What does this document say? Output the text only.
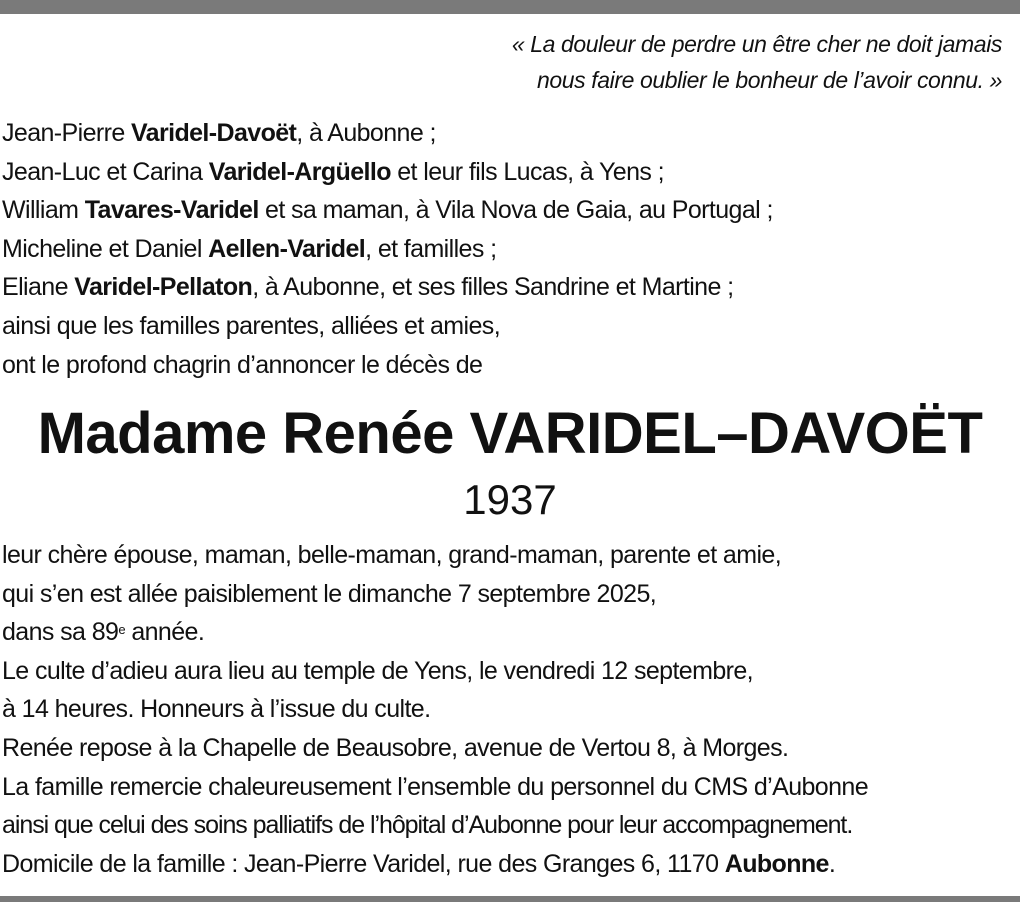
« La douleur de perdre un être cher ne doit jamais
nous faire oublier le bonheur de l’avoir connu. »
Jean-Pierre Varidel-Davoët, à Aubonne ;
Jean-Luc et Carina Varidel-Argüello et leur fils Lucas, à Yens ;
William Tavares-Varidel et sa maman, à Vila Nova de Gaia, au Portugal ;
Micheline et Daniel Aellen-Varidel, et familles ;
Eliane Varidel-Pellaton, à Aubonne, et ses filles Sandrine et Martine ;
ainsi que les familles parentes, alliées et amies,
ont le profond chagrin d’annoncer le décès de
Madame Renée VARIDEL–DAVOËT
1937
leur chère épouse, maman, belle-maman, grand-maman, parente et amie,
qui s’en est allée paisiblement le dimanche 7 septembre 2025,
dans sa 89e année.
Le culte d’adieu aura lieu au temple de Yens, le vendredi 12 septembre,
à 14 heures. Honneurs à l’issue du culte.
Renée repose à la Chapelle de Beausobre, avenue de Vertou 8, à Morges.
La famille remercie chaleureusement l’ensemble du personnel du CMS d’Aubonne
ainsi que celui des soins palliatifs de l’hôpital d’Aubonne pour leur accompagnement.
Domicile de la famille : Jean-Pierre Varidel, rue des Granges 6, 1170 Aubonne.
